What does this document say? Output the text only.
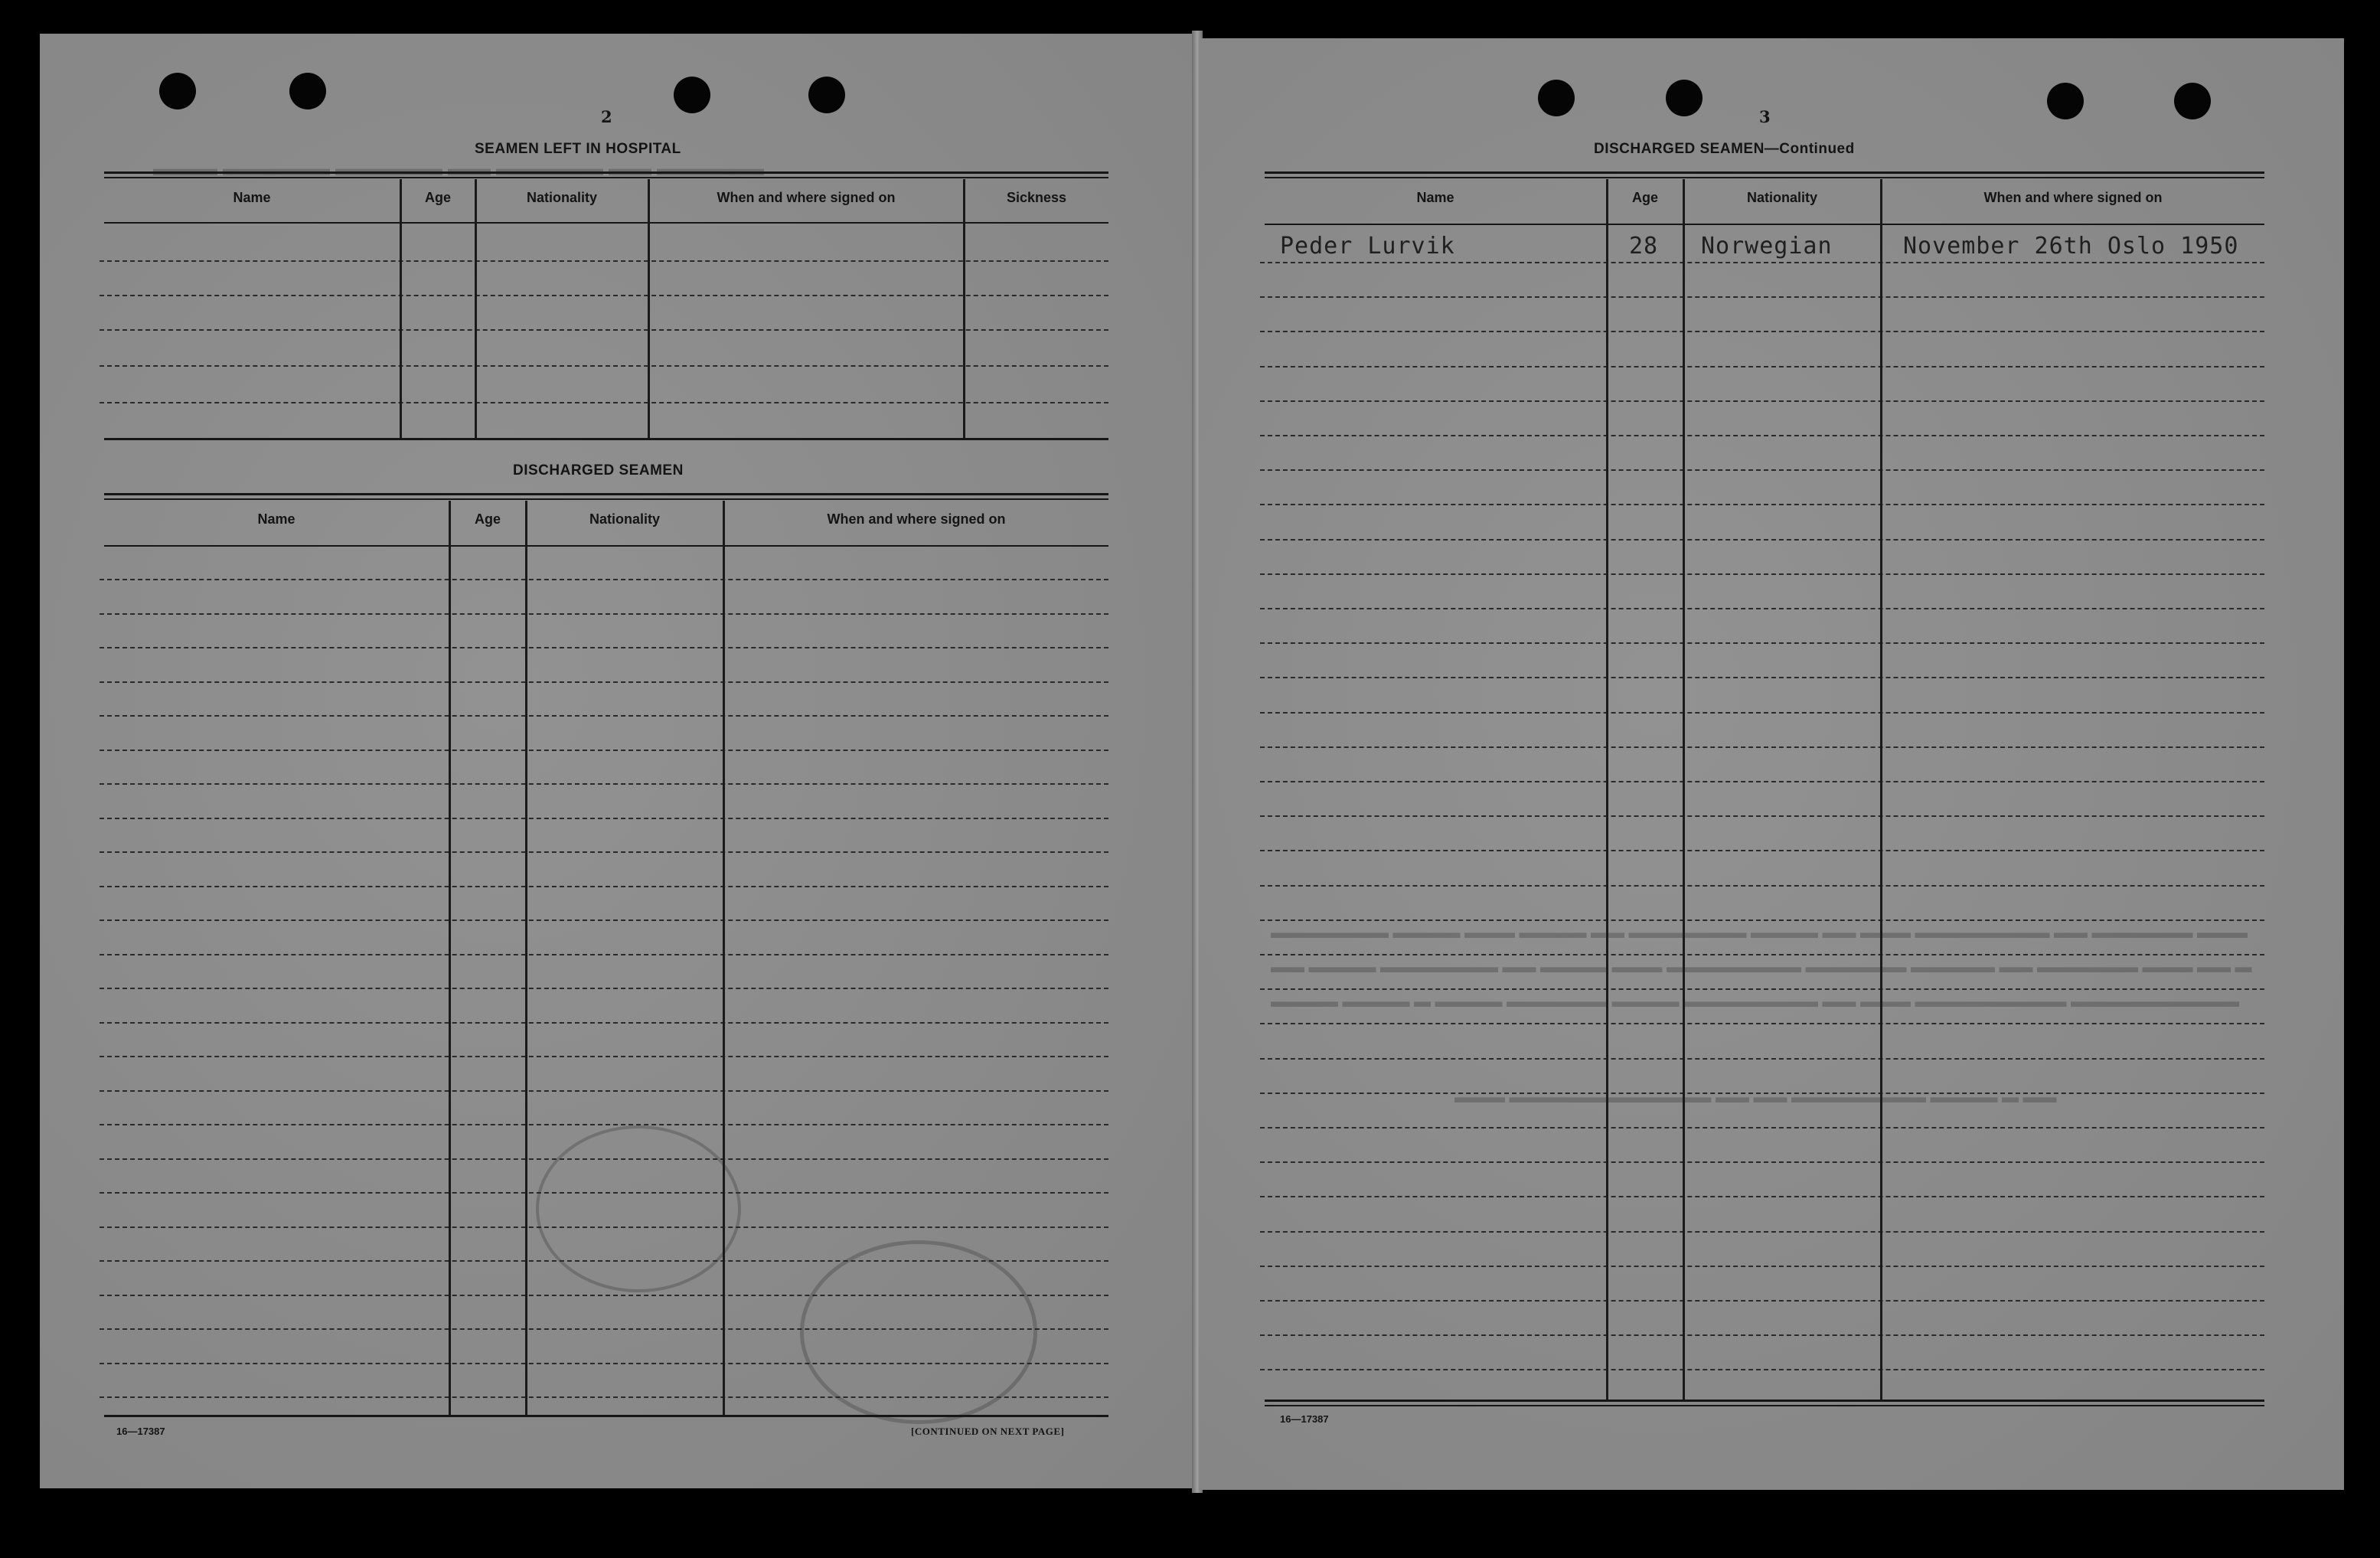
▬▬▬▬▬ ▬▬ ▬▬▬▬▬ ▬▬ ▬▬▬▬▬ ▬▬▬▬▬ ▬▬▬
▬▬▬▬▬▬▬ ▬▬▬▬ ▬▬▬ ▬▬▬▬ ▬▬ ▬▬▬▬▬▬▬ ▬▬▬▬ ▬▬ ▬▬▬ ▬▬▬▬▬▬▬▬ ▬▬ ▬▬▬▬▬▬ ▬▬▬
▬▬ ▬▬▬▬ ▬▬▬▬▬▬▬ ▬▬ ▬▬▬▬ ▬▬▬ ▬▬▬▬▬▬▬▬ ▬▬▬▬▬▬ ▬▬▬▬▬ ▬▬ ▬▬▬▬▬▬ ▬▬▬ ▬▬ ▬
▬▬▬▬ ▬▬▬▬ ▬ ▬▬▬▬ ▬▬▬▬▬▬ ▬▬▬▬ ▬▬▬▬▬▬▬▬ ▬▬ ▬▬▬ ▬▬▬▬▬▬▬▬▬ ▬▬▬▬▬▬▬▬▬▬
▬▬▬ ▬▬▬▬▬▬▬▬▬▬▬▬ ▬▬ ▬▬ ▬▬▬▬▬▬▬▬ ▬▬▬▬ ▬ ▬▬
2
SEAMEN LEFT IN HOSPITAL
Name	Age	Nationality	When and where signed on	Sickness
DISCHARGED SEAMEN
Name	Age	Nationality	When and where signed on
16—17387	[CONTINUED ON NEXT PAGE]
3
DISCHARGED SEAMEN—Continued
Name	Age	Nationality	When and where signed on
Peder Lurvik	28 Norwegian	November 26th Oslo 1950
16—17387
